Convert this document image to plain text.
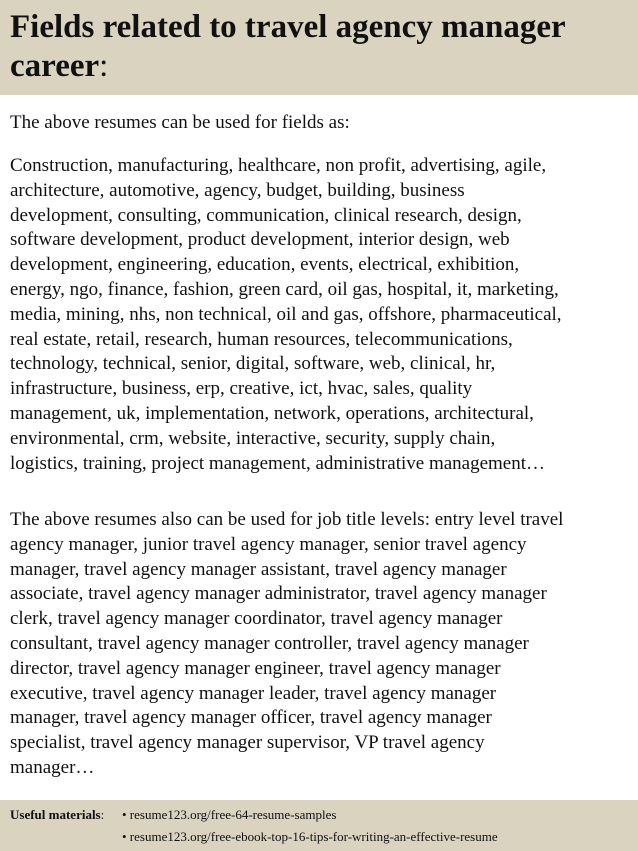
Fields related to travel agency manager career:

The above resumes can be used for fields as:

Construction, manufacturing, healthcare, non profit, advertising, agile,
architecture, automotive, agency, budget, building, business
development, consulting, communication, clinical research, design,
software development, product development, interior design, web
development, engineering, education, events, electrical, exhibition,
energy, ngo, finance, fashion, green card, oil gas, hospital, it, marketing,
media, mining, nhs, non technical, oil and gas, offshore, pharmaceutical,
real estate, retail, research, human resources, telecommunications,
technology, technical, senior, digital, software, web, clinical, hr,
infrastructure, business, erp, creative, ict, hvac, sales, quality
management, uk, implementation, network, operations, architectural,
environmental, crm, website, interactive, security, supply chain,
logistics, training, project management, administrative management…
The above resumes also can be used for job title levels: entry level travel
agency manager, junior travel agency manager, senior travel agency
manager, travel agency manager assistant, travel agency manager
associate, travel agency manager administrator, travel agency manager
clerk, travel agency manager coordinator, travel agency manager
consultant, travel agency manager controller, travel agency manager
director, travel agency manager engineer, travel agency manager
executive, travel agency manager leader, travel agency manager
manager, travel agency manager officer, travel agency manager
specialist, travel agency manager supervisor, VP travel agency
manager…
Useful materials: • resume123.org/free-64-resume-samples
• resume123.org/free-ebook-top-16-tips-for-writing-an-effective-resume
